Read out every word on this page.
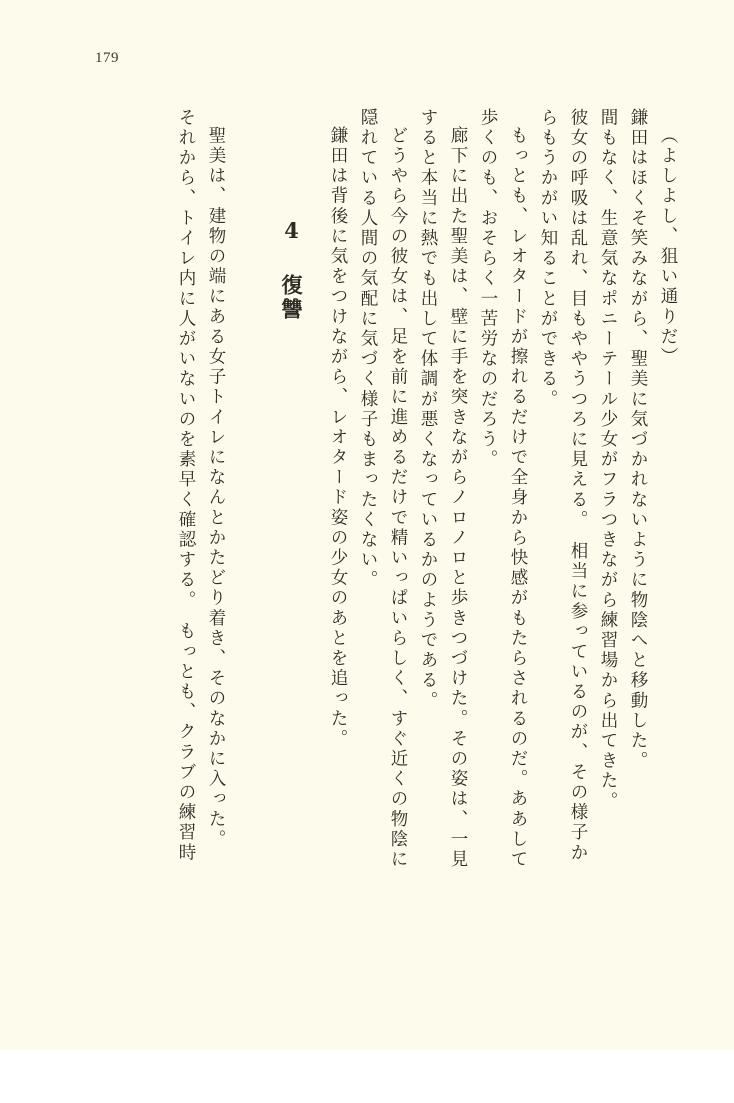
179
（よしよし、狙い通りだ）
鎌田はほくそ笑みながら、聖美に気づかれないように物陰へと移動した。
間もなく、生意気なポニーテール少女がフラつきながら練習場から出てきた。
彼女の呼吸は乱れ、目もややうつろに見える。　相当に参っているのが、その様子か
らもうかがい知ることができる。
もっとも、レオタードが擦れるだけで全身から快感がもたらされるのだ。ああして
歩くのも、おそらく一苦労なのだろう。
廊下に出た聖美は、壁に手を突きながらノロノロと歩きつづけた。その姿は、一見
すると本当に熱でも出して体調が悪くなっているかのようである。
どうやら今の彼女は、足を前に進めるだけで精いっぱいらしく、すぐ近くの物陰に
隠れている人間の気配に気づく様子もまったくない。
鎌田は背後に気をつけながら、レオタード姿の少女のあとを追った。
4 復讐
聖美は、建物の端にある女子トイレになんとかたどり着き、そのなかに入った。
それから、トイレ内に人がいないのを素早く確認する。　もっとも、クラブの練習時
